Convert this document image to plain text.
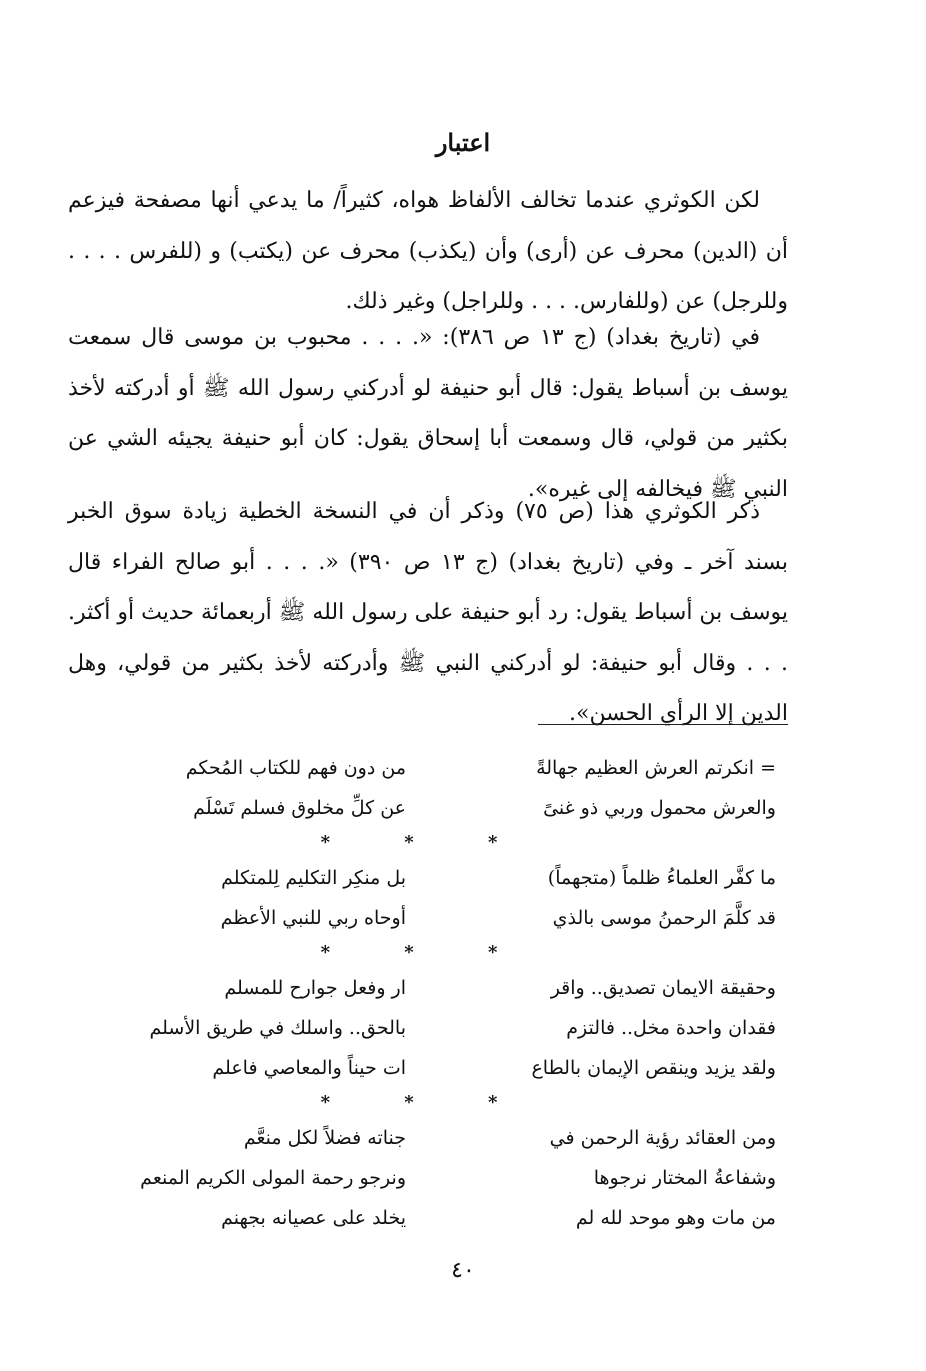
اعتبار

لكن الكوثري عندما تخالف الألفاظ هواه، كثيراً/ ما يدعي أنها مصفحة فيزعم أن (الدين) محرف عن (أرى) وأن (يكذب) محرف عن (يكتب) و (للفرس . . . . وللرجل) عن (وللفارس. . . . وللراجل) وغير ذلك.

في (تاريخ بغداد) (ج ١٣ ص ٣٨٦): «. . . . محبوب بن موسى قال سمعت يوسف بن أسباط يقول: قال أبو حنيفة لو أدركني رسول الله ﷺ أو أدركته لأخذ بكثير من قولي، قال وسمعت أبا إسحاق يقول: كان أبو حنيفة يجيئه الشي عن النبي ﷺ فيخالفه إلى غيره».

ذكر الكوثري هذا (ص ٧٥) وذكر أن في النسخة الخطية زيادة سوق الخبر بسند آخر ـ وفي (تاريخ بغداد) (ج ١٣ ص ٣٩٠) «. . . . أبو صالح الفراء قال يوسف بن أسباط يقول: رد أبو حنيفة على رسول الله ﷺ أربعمائة حديث أو أكثر. . . . وقال أبو حنيفة: لو أدركني النبي ﷺ وأدركته لأخذ بكثير من قولي، وهل الدين إلا الرأي الحسن».

= انكرتم العرش العظيم جهالةً
من دون فهم للكتاب المُحكم
والعرش محمول وربي ذو غنىً
عن كلِّ مخلوق فسلم تَسْلَم
* * *
ما كفَّر العلماءُ ظلماً (متجهماً)
بل منكِر التكليم لِلمتكلم
قد كلَّمَ الرحمنُ موسى بالذي
أوحاه ربي للنبي الأعظم
* * *
وحقيقة الايمان تصديق.. واقر
ار وفعل جوارح للمسلم
فقدان واحدة مخل.. فالتزم
بالحق.. واسلك في طريق الأسلم
ولقد يزيد وينقص الإيمان بالطاع
ات حيناً والمعاصي فاعلم
* * *
ومن العقائد رؤية الرحمن في
جناته فضلاً لكل منعَّم
وشفاعةُ المختار نرجوها
ونرجو رحمة المولى الكريم المنعم
من مات وهو موحد لله لم
يخلد على عصيانه بجهنم
٤٠
